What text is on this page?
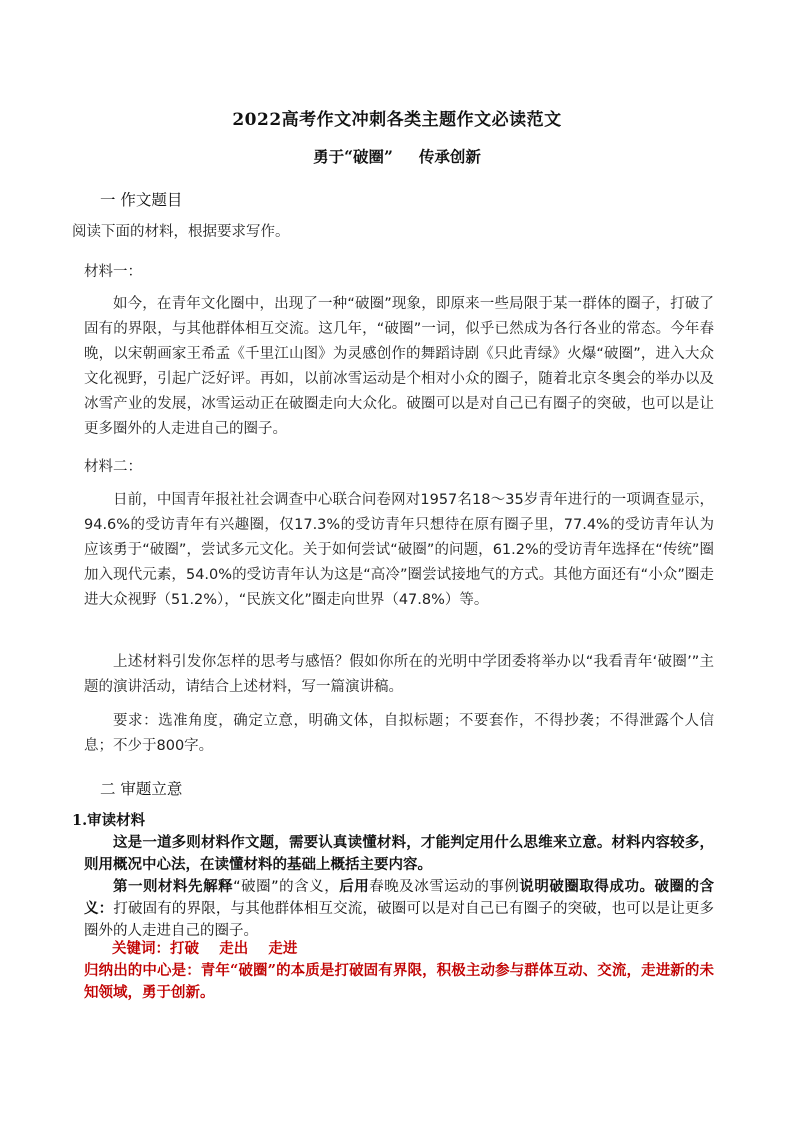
2022高考作文冲刺各类主题作文必读范文
勇于“破圈” 传承创新
一 作文题目
阅读下面的材料，根据要求写作。
材料一：
如今，在青年文化圈中，出现了一种“破圈”现象，即原来一些局限于某一群体的圈子，打破了固有的界限，与其他群体相互交流。这几年，“破圈”一词，似乎已然成为各行各业的常态。今年春晚，以宋朝画家王希孟《千里江山图》为灵感创作的舞蹈诗剧《只此青绿》火爆“破圈”，进入大众文化视野，引起广泛好评。再如，以前冰雪运动是个相对小众的圈子，随着北京冬奥会的举办以及冰雪产业的发展，冰雪运动正在破圈走向大众化。破圈可以是对自己已有圈子的突破，也可以是让更多圈外的人走进自己的圈子。
材料二：
日前，中国青年报社社会调查中心联合问卷网对1957名18～35岁青年进行的一项调查显示，94.6%的受访青年有兴趣圈，仅17.3%的受访青年只想待在原有圈子里，77.4%的受访青年认为应该勇于“破圈”，尝试多元文化。关于如何尝试“破圈”的问题，61.2%的受访青年选择在“传统”圈加入现代元素，54.0%的受访青年认为这是“高冷”圈尝试接地气的方式。其他方面还有“小众”圈走进大众视野（51.2%），“民族文化”圈走向世界（47.8%）等。
上述材料引发你怎样的思考与感悟？假如你所在的光明中学团委将举办以“我看青年‘破圈’”主题的演讲活动，请结合上述材料，写一篇演讲稿。
要求：选准角度，确定立意，明确文体，自拟标题；不要套作，不得抄袭；不得泄露个人信息；不少于800字。
二 审题立意
1.审读材料
这是一道多则材料作文题，需要认真读懂材料，才能判定用什么思维来立意。材料内容较多，则用概况中心法，在读懂材料的基础上概括主要内容。
第一则材料先解释“破圈”的含义，后用春晚及冰雪运动的事例说明破圈取得成功。破圈的含义：打破固有的界限，与其他群体相互交流，破圈可以是对自己已有圈子的突破，也可以是让更多圈外的人走进自己的圈子。
关键词：打破    走出    走进
归纳出的中心是：青年“破圈”的本质是打破固有界限，积极主动参与群体互动、交流，走进新的未知领域，勇于创新。
